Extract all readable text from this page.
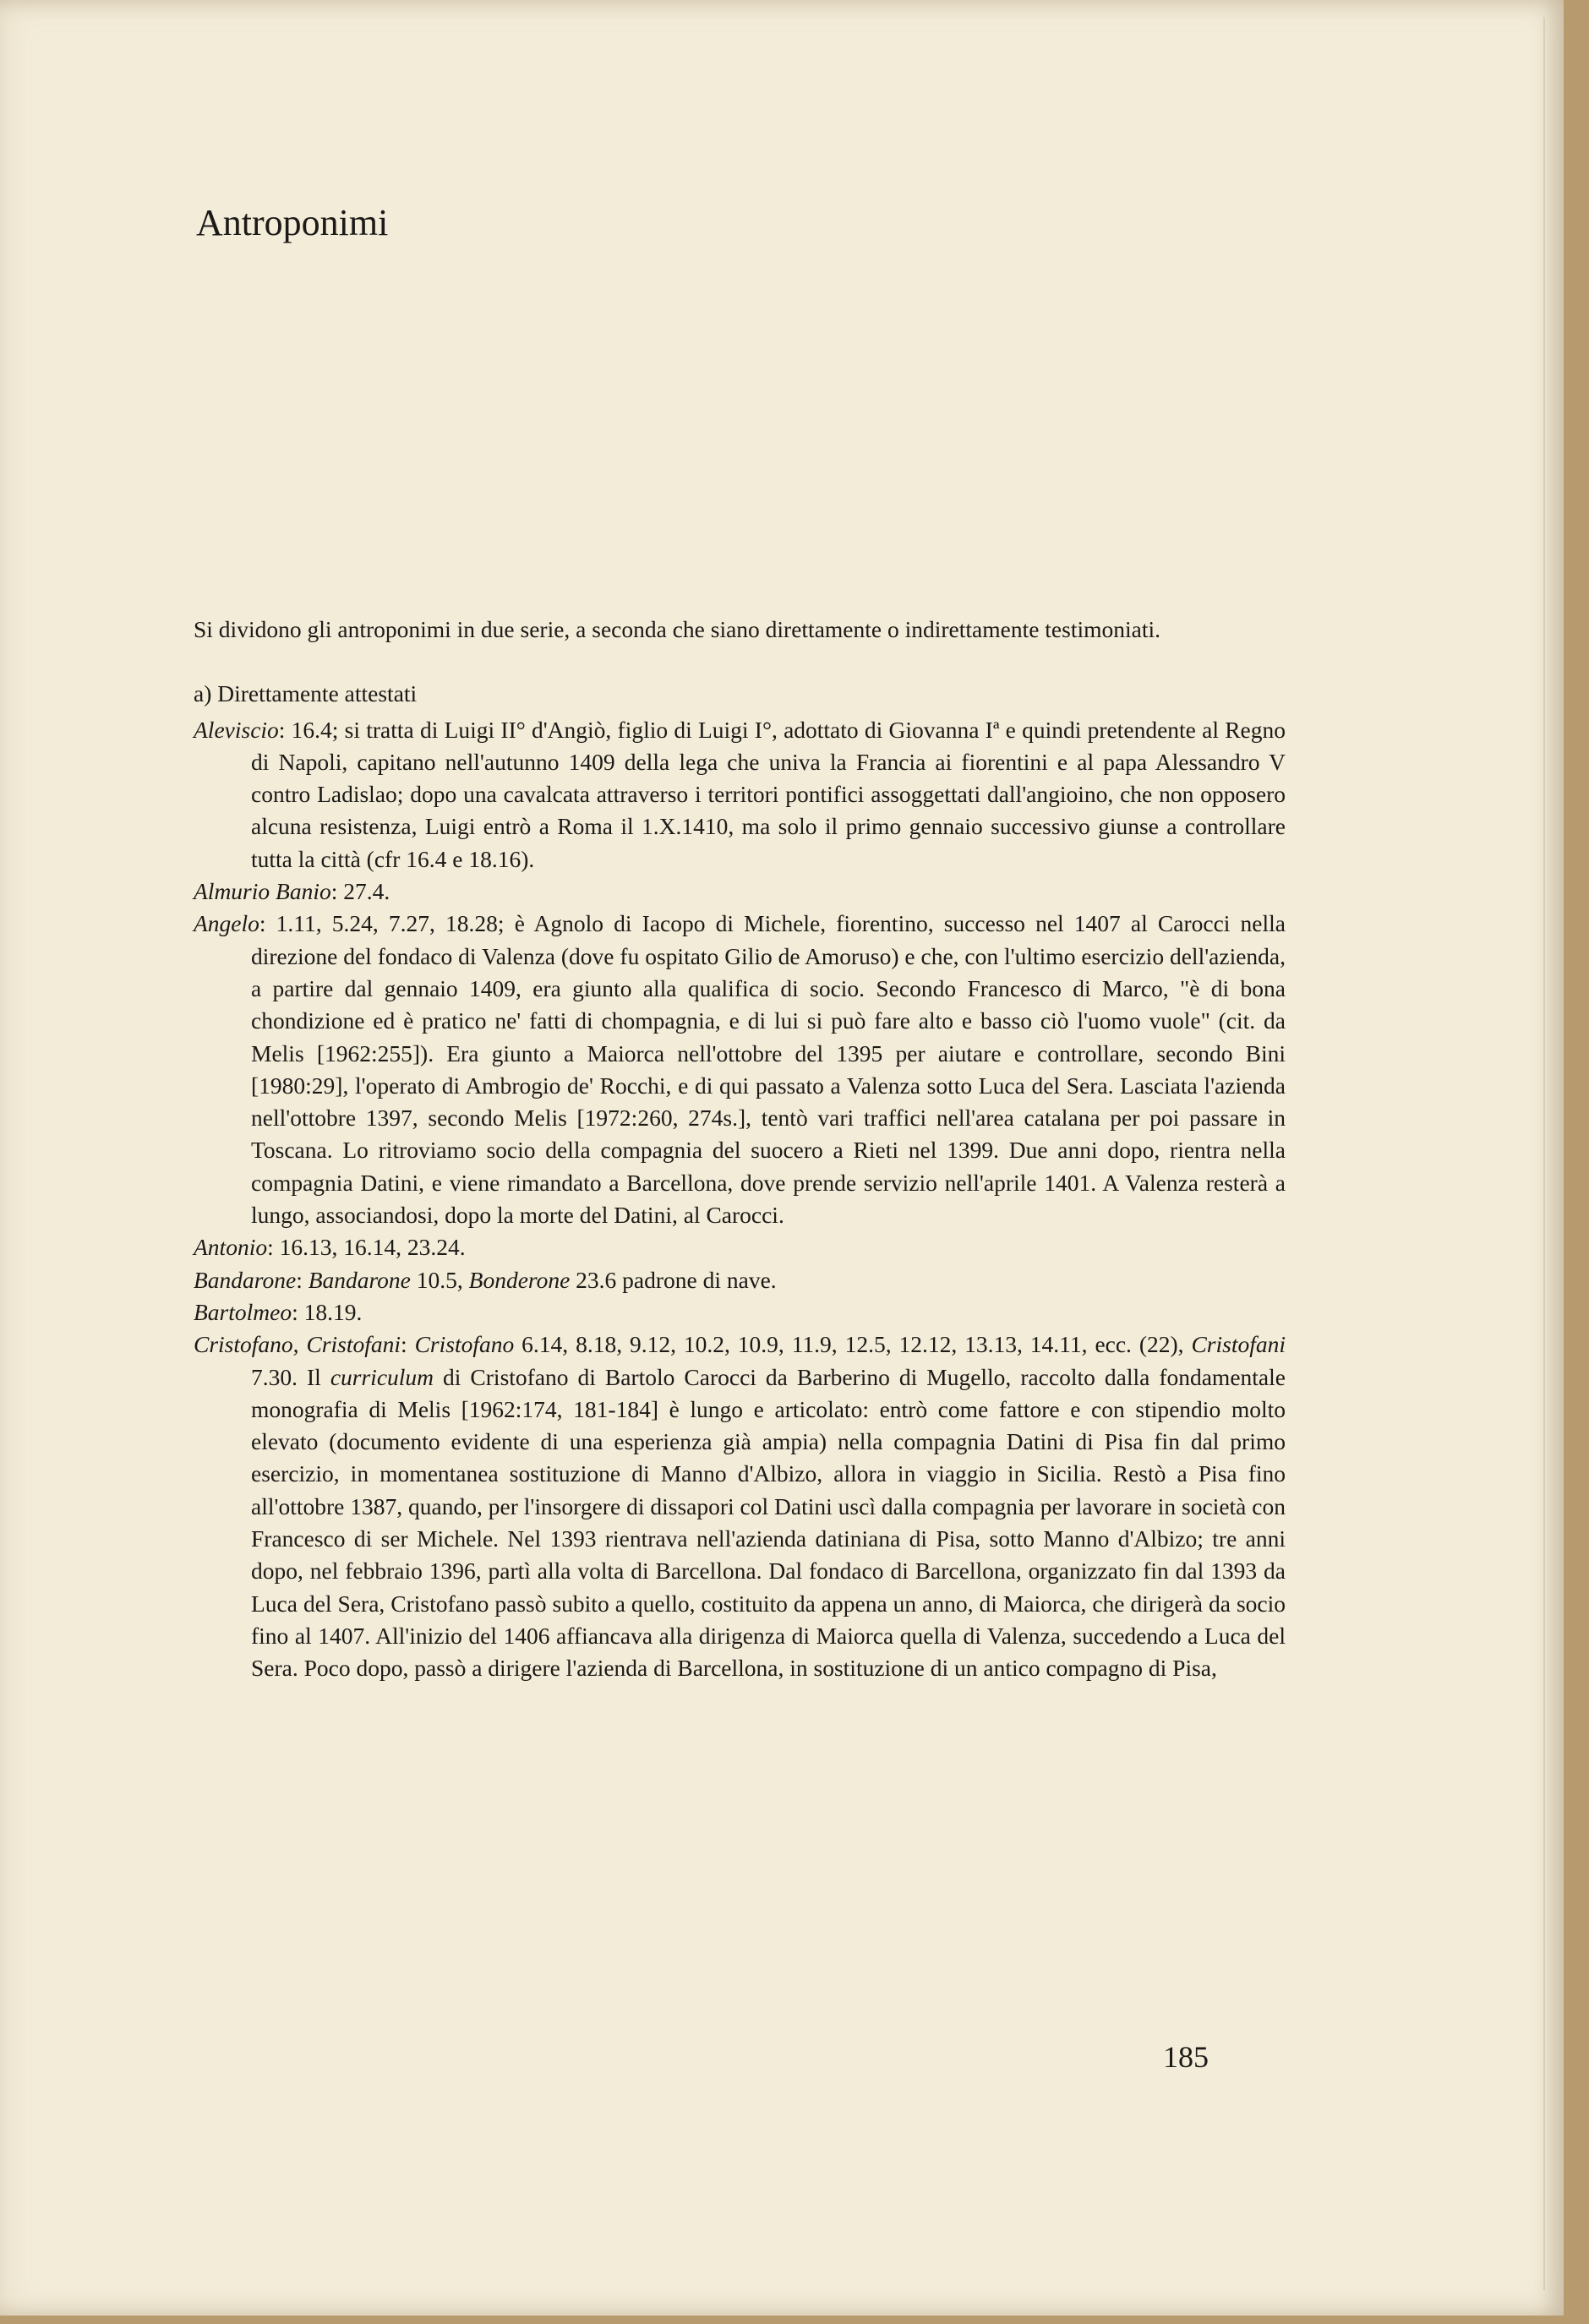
Antroponimi

Si dividono gli antroponimi in due serie, a seconda che siano direttamente o indirettamente testimoniati.

a) Direttamente attestati

Aleviscio: 16.4; si tratta di Luigi II° d'Angiò, figlio di Luigi I°, adottato di Giovanna Iª e quindi pretendente al Regno di Napoli, capitano nell'autunno 1409 della lega che univa la Francia ai fiorentini e al papa Alessandro V contro Ladislao; dopo una cavalcata attraverso i territori pontifici assoggettati dall'angioino, che non opposero alcuna resistenza, Luigi entrò a Roma il 1.X.1410, ma solo il primo gennaio successivo giunse a controllare tutta la città (cfr 16.4 e 18.16).

Almurio Banio: 27.4.

Angelo: 1.11, 5.24, 7.27, 18.28; è Agnolo di Iacopo di Michele, fiorentino, successo nel 1407 al Carocci nella direzione del fondaco di Valenza (dove fu ospitato Gilio de Amoruso) e che, con l'ultimo esercizio dell'azienda, a partire dal gennaio 1409, era giunto alla qualifica di socio. Secondo Francesco di Marco, "è di bona chondizione ed è pratico ne' fatti di chompagnia, e di lui si può fare alto e basso ciò l'uomo vuole" (cit. da Melis [1962:255]). Era giunto a Maiorca nell'ottobre del 1395 per aiutare e controllare, secondo Bini [1980:29], l'operato di Ambrogio de' Rocchi, e di qui passato a Valenza sotto Luca del Sera. Lasciata l'azienda nell'ottobre 1397, secondo Melis [1972:260, 274s.], tentò vari traffici nell'area catalana per poi passare in Toscana. Lo ritroviamo socio della compagnia del suocero a Rieti nel 1399. Due anni dopo, rientra nella compagnia Datini, e viene rimandato a Barcellona, dove prende servizio nell'aprile 1401. A Valenza resterà a lungo, associandosi, dopo la morte del Datini, al Carocci.

Antonio: 16.13, 16.14, 23.24.

Bandarone: Bandarone 10.5, Bonderone 23.6 padrone di nave.

Bartolmeo: 18.19.

Cristofano, Cristofani: Cristofano 6.14, 8.18, 9.12, 10.2, 10.9, 11.9, 12.5, 12.12, 13.13, 14.11, ecc. (22), Cristofani 7.30. Il curriculum di Cristofano di Bartolo Carocci da Barberino di Mugello, raccolto dalla fondamentale monografia di Melis [1962:174, 181-184] è lungo e articolato: entrò come fattore e con stipendio molto elevato (documento evidente di una esperienza già ampia) nella compagnia Datini di Pisa fin dal primo esercizio, in momentanea sostituzione di Manno d'Albizo, allora in viaggio in Sicilia. Restò a Pisa fino all'ottobre 1387, quando, per l'insorgere di dissapori col Datini uscì dalla compagnia per lavorare in società con Francesco di ser Michele. Nel 1393 rientrava nell'azienda datiniana di Pisa, sotto Manno d'Albizo; tre anni dopo, nel febbraio 1396, partì alla volta di Barcellona. Dal fondaco di Barcellona, organizzato fin dal 1393 da Luca del Sera, Cristofano passò subito a quello, costituito da appena un anno, di Maiorca, che dirigerà da socio fino al 1407. All'inizio del 1406 affiancava alla dirigenza di Maiorca quella di Valenza, succedendo a Luca del Sera. Poco dopo, passò a dirigere l'azienda di Barcellona, in sostituzione di un antico compagno di Pisa,

185
